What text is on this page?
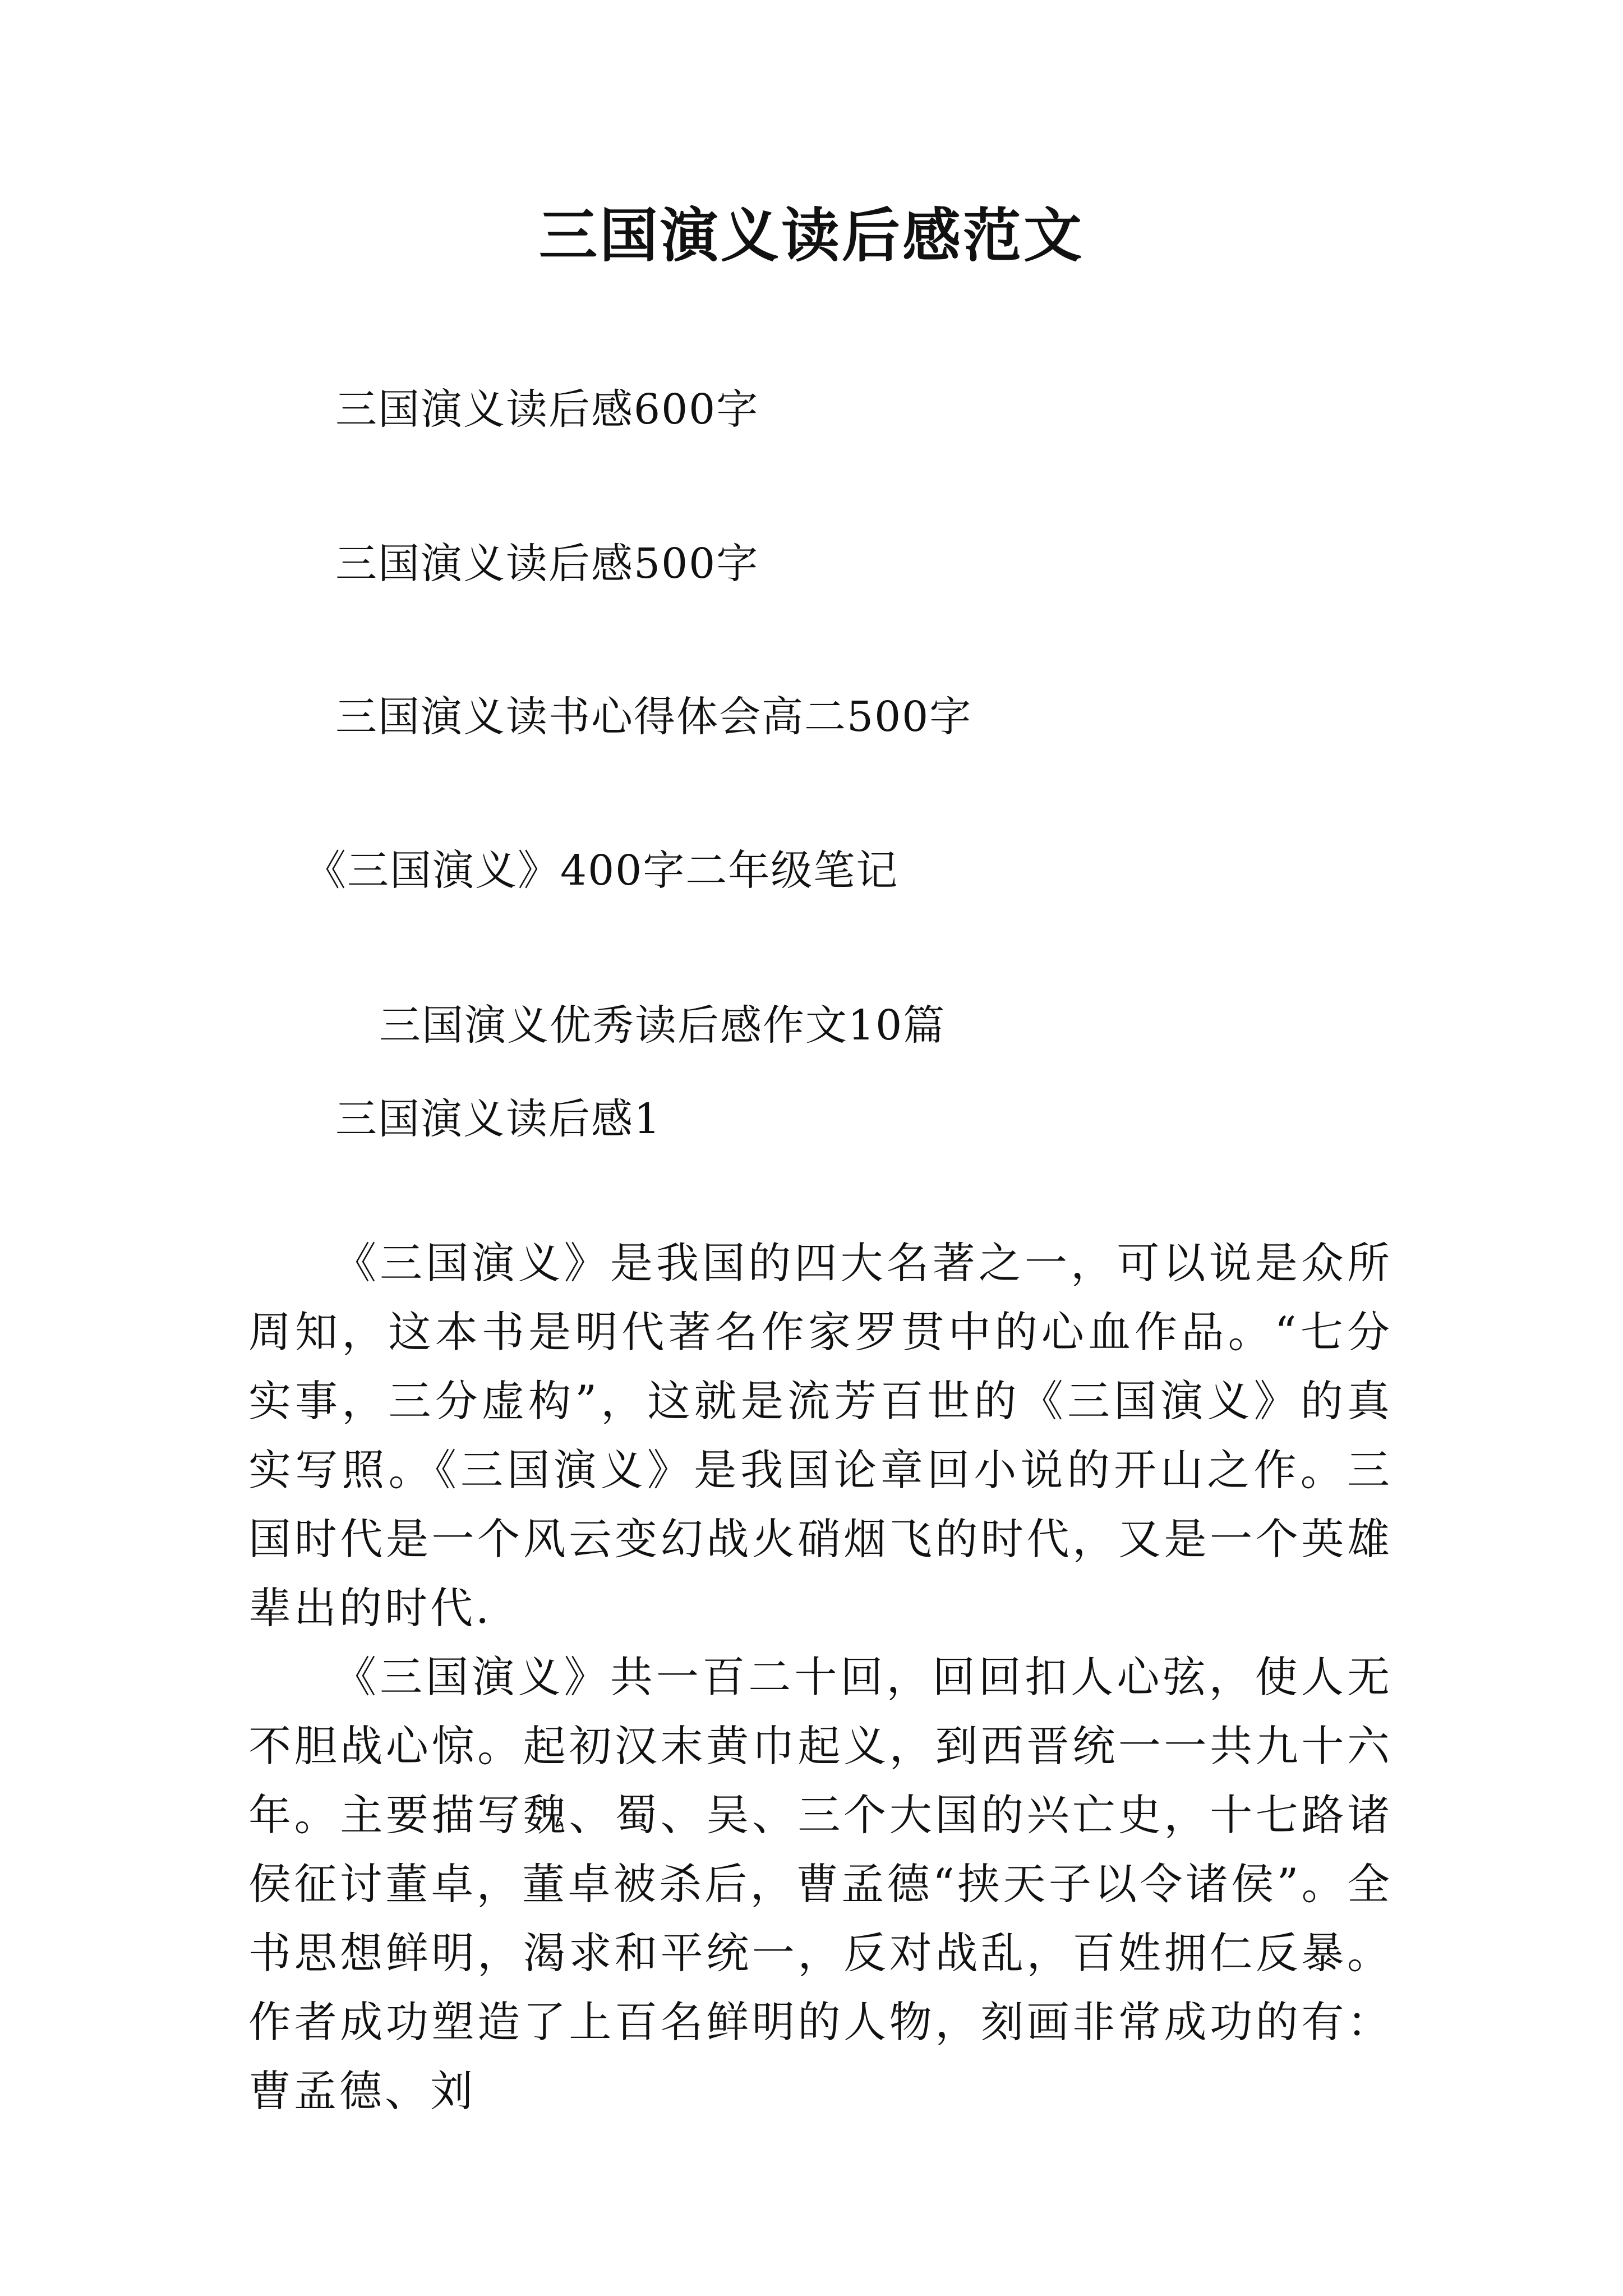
三国演义读后感范文
三国演义读后感600字
三国演义读后感500字
三国演义读书心得体会高二500字
《三国演义》400字二年级笔记
三国演义优秀读后感作文10篇
三国演义读后感1

《三国演义》是我国的四大名著之一，可以说是众所周知，这本书是明代著名作家罗贯中的心血作品。“七分实事，三分虚构”，这就是流芳百世的《三国演义》的真实写照。《三国演义》是我国论章回小说的开山之作。三国时代是一个风云变幻战火硝烟飞的时代，又是一个英雄辈出的时代.

《三国演义》共一百二十回，回回扣人心弦，使人无不胆战心惊。起初汉末黄巾起义，到西晋统一一共九十六年。主要描写魏、蜀、吴、三个大国的兴亡史，十七路诸侯征讨董卓，董卓被杀后，曹孟德“挟天子以令诸侯”。全书思想鲜明，渴求和平统一，反对战乱，百姓拥仁反暴。作者成功塑造了上百名鲜明的人物，刻画非常成功的有：曹孟德、刘
